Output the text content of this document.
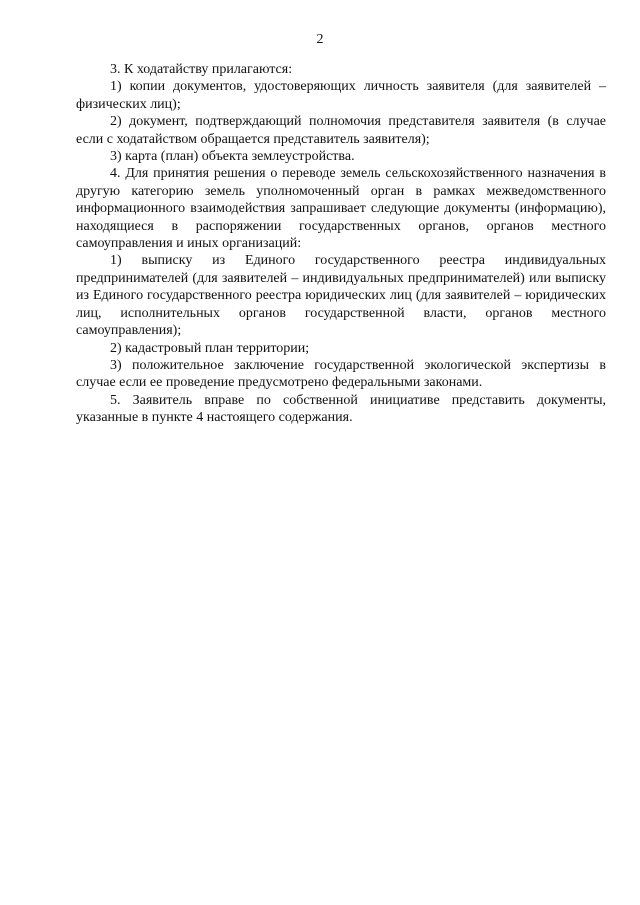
2

3. К ходатайству прилагаются:

1) копии документов, удостоверяющих личность заявителя (для заявителей – физических лиц);

2) документ, подтверждающий полномочия представителя заявителя (в случае если с ходатайством обращается представитель заявителя);

3) карта (план) объекта землеустройства.

4. Для принятия решения о переводе земель сельскохозяйственного назначения в другую категорию земель уполномоченный орган в рамках межведомственного информационного взаимодействия запрашивает следующие документы (информацию), находящиеся в распоряжении государственных органов, органов местного самоуправления и иных организаций:

1) выписку из Единого государственного реестра индивидуальных предпринимателей (для заявителей – индивидуальных предпринимателей) или выписку из Единого государственного реестра юридических лиц (для заявителей – юридических лиц, исполнительных органов государственной власти, органов местного самоуправления);

2) кадастровый план территории;

3) положительное заключение государственной экологической экспертизы в случае если ее проведение предусмотрено федеральными законами.

5. Заявитель вправе по собственной инициативе представить документы, указанные в пункте 4 настоящего содержания.
